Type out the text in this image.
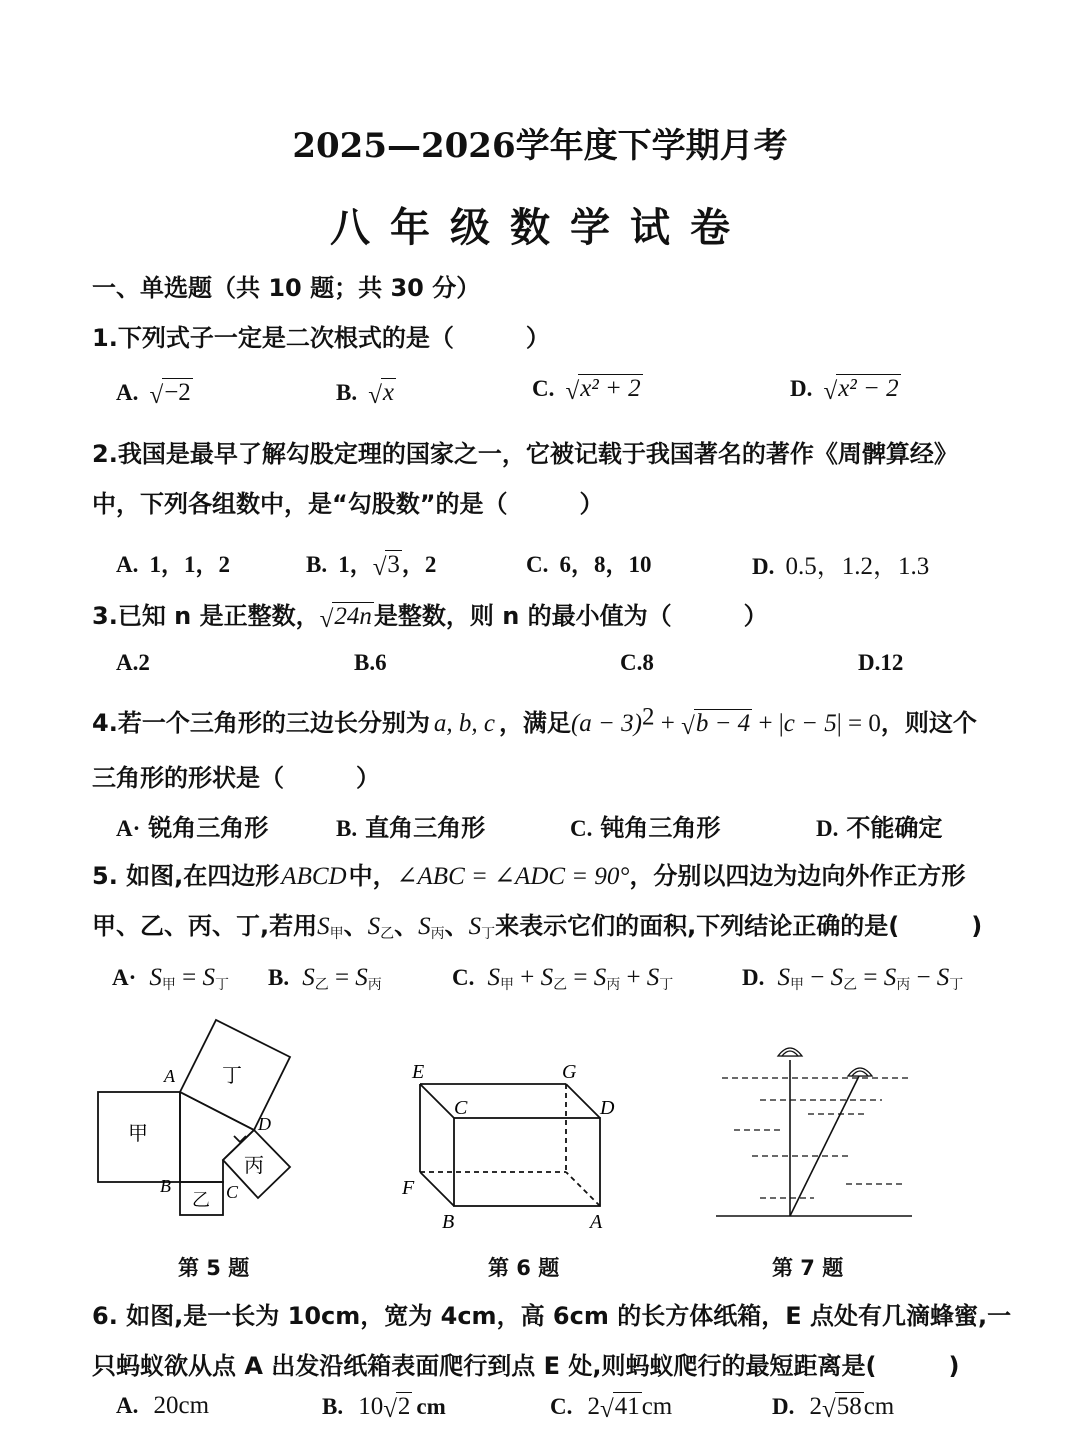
2025—2026学年度下学期月考
八年级数学试卷
一、单选题（共 10 题；共 30 分）
1.下列式子一定是二次根式的是（　　　）
A. √−2	B. √x	C. √x² + 2	D. √x² − 2
2.我国是最早了解勾股定理的国家之一，它被记载于我国著名的著作《周髀算经》
中，下列各组数中，是“勾股数”的是（　　　）
A. 1，1，2	B. 1，√3，2	C. 6，8，10	D. 0.5，1.2，1.3
3.已知 n 是正整数，√24n是整数，则 n 的最小值为（　　　）
A.2	B.6	C.8	D.12
4.若一个三角形的三边长分别为 a, b, c ，满足$(a - 3)^2 + √b - 4 + |c - 5| = 0$，则这个
三角形的形状是（　　　）
A· 锐角三角形	B. 直角三角形	C. 钝角三角形	D. 不能确定
5. 如图,在四边形ABCD中，∠ABC = ∠ADC = 90°，分别以四边为边向外作正方形
甲、乙、丙、丁,若用$S_甲$、$S_乙$、$S_丙$、$S_丁$来表示它们的面积,下列结论正确的是(　　　)
$A\cdot S_甲 = S_丁$ B. $S_乙 = S_丙$	C. $S_甲 + S_乙 = S_丙 + S_丁$	D. $S_甲 - S_乙 = S_丙 - S_丁$
A
B	C
D
甲
乙
丙
丁
第 5 题
E	G
C	D
F
B	A
第 6 题	第 7 题
6. 如图,是一长为 10cm，宽为 4cm，高 6cm 的长方体纸箱，E 点处有几滴蜂蜜,一
只蚂蚁欲从点 A 出发沿纸箱表面爬行到点 E 处,则蚂蚁爬行的最短距离是(　　　)
A. 20cm	B. 10√2 cm	C. 2√41cm	D. 2√58cm
